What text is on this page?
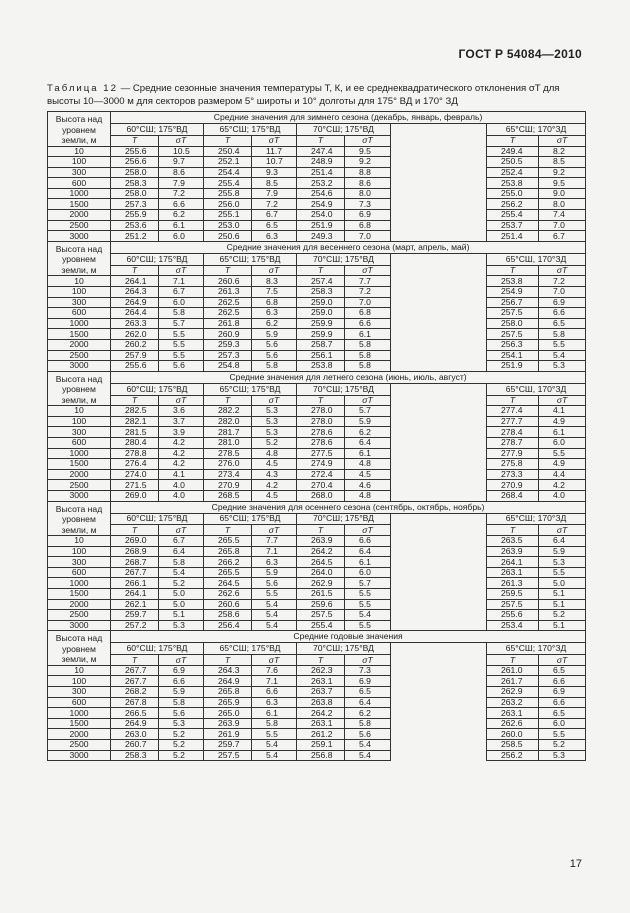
ГОСТ Р 54084—2010
Таблица 12 — Средние сезонные значения температуры T, К, и ее среднеквадратического отклонения σT для высоты 10—3000 м для секторов размером 5° широты и 10° долготы для 175° ВД и 170° ЗД
Высота над уровнем земли, м	Средние значения для зимнего сезона (декабрь, январь, февраль)								
	60°СШ; 175°ВД		65°СШ; 175°ВД		70°СШ; 175°ВД			65°СШ; 170°ЗД	
	T	σT	T	σT	T	σT		T	σT
10	255.6	10.5	250.4	11.7	247.4	9.5		249.4	8.2
100	256.6	9.7	252.1	10.7	248.9	9.2		250.5	8.5
300	258.0	8.6	254.4	9.3	251.4	8.8		252.4	9.2
600	258.3	7.9	255.4	8.5	253.2	8.6		253.8	9.5
1000	258.0	7.2	255.8	7.9	254.6	8.0		255.0	9.0
1500	257.3	6.6	256.0	7.2	254.9	7.3		256.2	8.0
2000	255.9	6.2	255.1	6.7	254.0	6.9		255.4	7.4
2500	253.6	6.1	253.0	6.5	251.9	6.8		253.7	7.0
3000	251.2	6.0	250.6	6.3	249.3	7.0		251.4	6.7
Высота над уровнем земли, м	Средние значения для весеннего сезона (март, апрель, май)								
	60°СШ; 175°ВД		65°СШ; 175°ВД		70°СШ; 175°ВД			65°СШ, 170°ЗД	
	T	σT	T	σT	T	σT		T	σT
10	264.1	7.1	260.6	8.3	257.4	7.7		253.8	7.2
100	264.3	6.7	261.3	7.5	258.3	7.2		254.9	7.0
300	264.9	6.0	262.5	6.8	259.0	7.0		256.7	6.9
600	264.4	5.8	262.5	6.3	259.0	6.8		257.5	6.6
1000	263.3	5.7	261.8	6.2	259.9	6.6		258.0	6.5
1500	262.0	5.5	260.9	5.9	259.9	6.1		257.5	5.8
2000	260.2	5.5	259.3	5.6	258.7	5.8		256.3	5.5
2500	257.9	5.5	257.3	5.6	256.1	5.8		254.1	5.4
3000	255.6	5.6	254.8	5.8	253.8	5.8		251.9	5.3
Высота над уровнем земли, м	Средние значения для летнего сезона (июнь, июль, август)								
	60°СШ; 175°ВД		65°СШ; 175°ВД		70°СШ; 175°ВД			65°СШ, 170°ЗД	
	T	σT	T	σT	T	σT		T	σT
10	282.5	3.6	282.2	5.3	278.0	5.7		277.4	4.1
100	282.1	3.7	282.0	5.3	278.0	5.9		277.7	4.9
300	281.5	3.9	281.7	5.3	278.6	6.2		278.4	6.1
600	280.4	4.2	281.0	5.2	278.6	6.4		278.7	6.0
1000	278.8	4.2	278.5	4.8	277.5	6.1		277.9	5.5
1500	276.4	4.2	276.0	4.5	274.9	4.8		275.8	4.9
2000	274.0	4.1	273.4	4.3	272.4	4.5		273.3	4.4
2500	271.5	4.0	270.9	4.2	270.4	4.6		270.9	4.2
3000	269.0	4.0	268.5	4.5	268.0	4.8		268.4	4.0
Высота над уровнем земли, м	Средние значения для осеннего сезона (сентябрь, октябрь, ноябрь)								
	60°СШ; 175°ВД		65°СШ; 175°ВД		70°СШ; 175°ВД			65°СШ; 170°ЗД	
	T	σT	T	σT	T	σT		T	σT
10	269.0	6.7	265.5	7.7	263.9	6.6		263.5	6.4
100	268.9	6.4	265.8	7.1	264.2	6.4		263.9	5.9
300	268.7	5.8	266.2	6.3	264.5	6.1		264.1	5.3
600	267.7	5.4	265.5	5.9	264.0	6.0		263.1	5.5
1000	266.1	5.2	264.5	5.6	262.9	5.7		261.3	5.0
1500	264.1	5.0	262.6	5.5	261.5	5.5		259.5	5.1
2000	262.1	5.0	260.6	5.4	259.6	5.5		257.5	5.1
2500	259.7	5.1	258.6	5.4	257.5	5.4		255.6	5.2
3000	257.2	5.3	256.4	5.4	255.4	5.5		253.4	5.1
Высота над уровнем земли, м	Средние годовые значения								
	60°СШ; 175°ВД		65°СШ; 175°ВД		70°СШ; 175°ВД			65°СШ; 170°ЗД	
	T	σT	T	σT	T	σT		T	σT
10	267.7	6.9	264.3	7.6	262.3	7.3		261.0	6.5
100	267.7	6.6	264.9	7.1	263.1	6.9		261.7	6.6
300	268.2	5.9	265.8	6.6	263.7	6.5		262.9	6.9
600	267.8	5.8	265.9	6.3	263.8	6.4		263.2	6.6
1000	266.5	5.6	265.0	6.1	264.2	6.2		263.1	6.5
1500	264.9	5.3	263.9	5.8	263.1	5.8		262.6	6.0
2000	263.0	5.2	261.9	5.5	261.2	5.6		260.0	5.5
2500	260.7	5.2	259.7	5.4	259.1	5.4		258.5	5.2
3000	258.3	5.2	257.5	5.4	256.8	5.4		256.2	5.3
17
